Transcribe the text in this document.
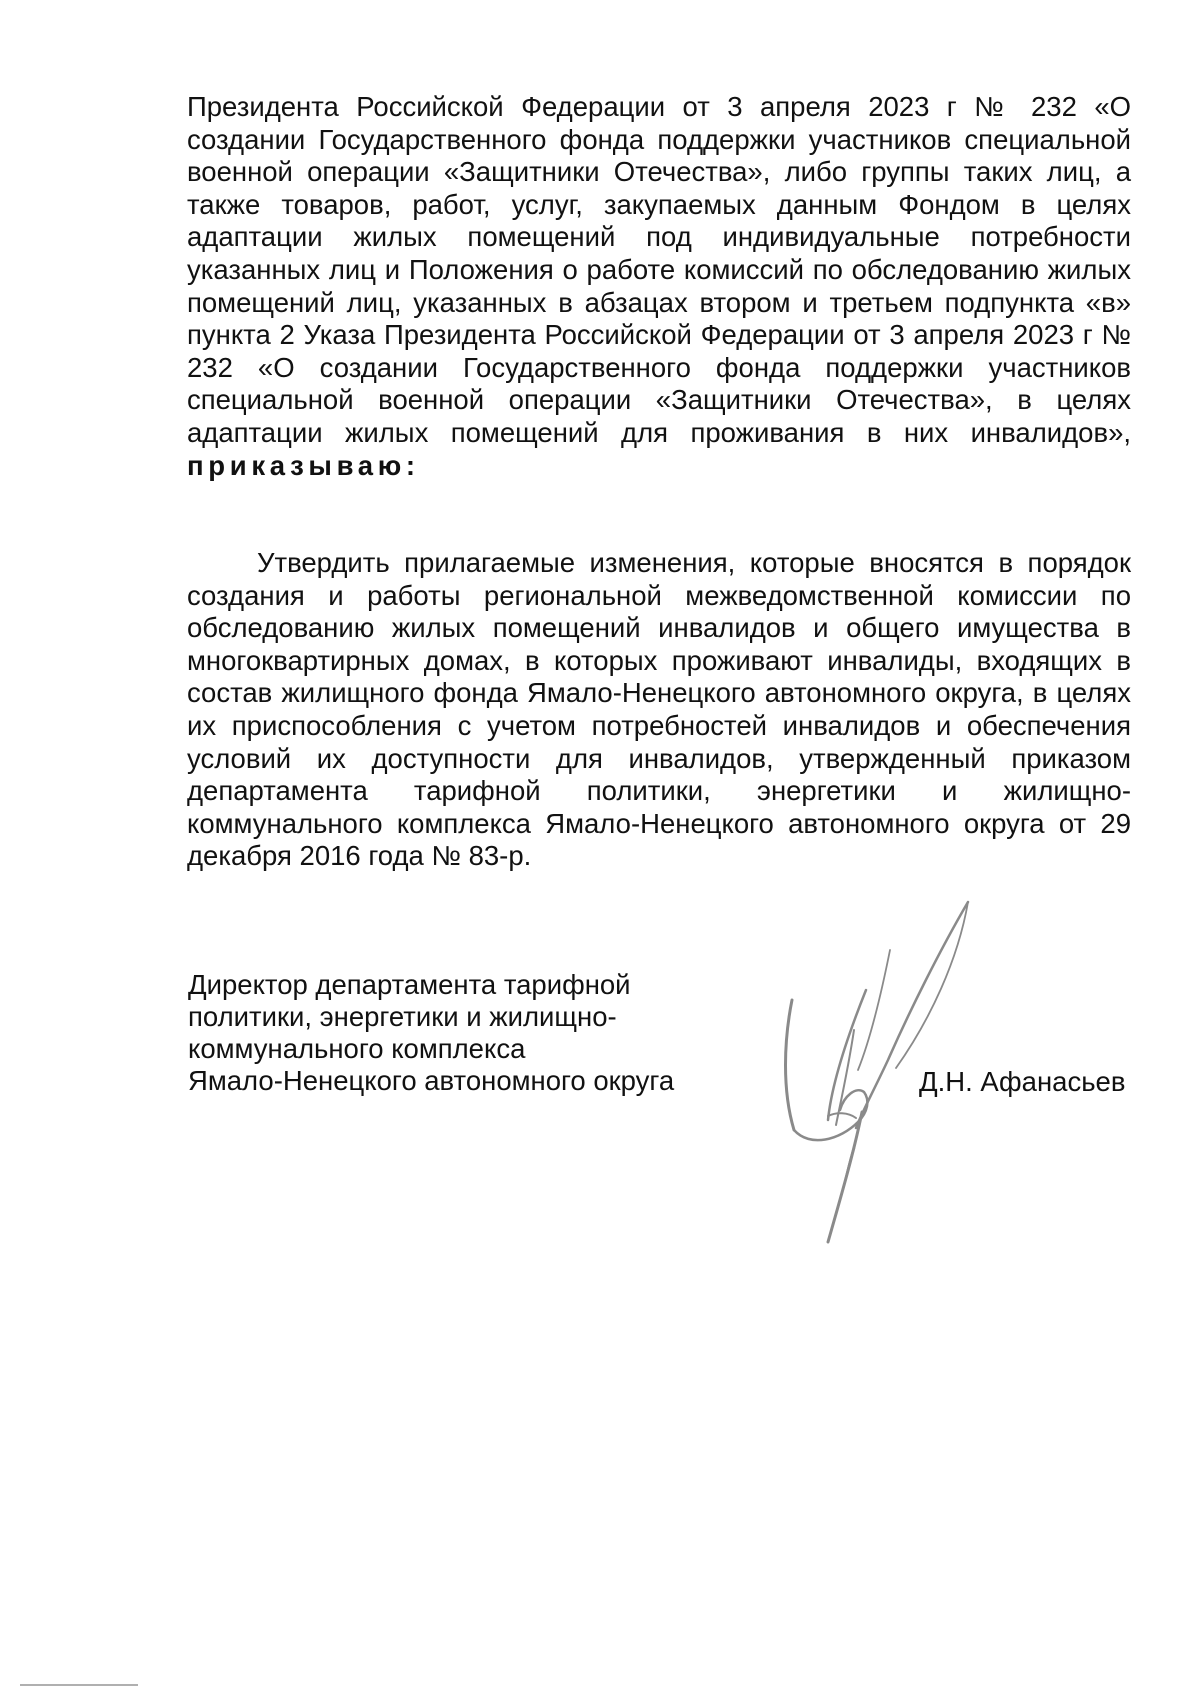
Президента Российской Федерации от 3 апреля 2023 г № 232 «О создании Государственного фонда поддержки участников специальной военной операции «Защитники Отечества», либо группы таких лиц, а также товаров, работ, услуг, закупаемых данным Фондом в целях адаптации жилых помещений под индивидуальные потребности указанных лиц и Положения о работе комиссий по обследованию жилых помещений лиц, указанных в абзацах втором и третьем подпункта «в» пункта 2 Указа Президента Российской Федерации от 3 апреля 2023 г № 232 «О создании Государственного фонда поддержки участников специальной военной операции «Защитники Отечества», в целях адаптации жилых помещений для проживания в них инвалидов», приказываю:

Утвердить прилагаемые изменения, которые вносятся в порядок создания и работы региональной межведомственной комиссии по обследованию жилых помещений инвалидов и общего имущества в многоквартирных домах, в которых проживают инвалиды, входящих в состав жилищного фонда Ямало-Ненецкого автономного округа, в целях их приспособления с учетом потребностей инвалидов и обеспечения условий их доступности для инвалидов, утвержденный приказом департамента тарифной политики, энергетики и жилищно-коммунального комплекса Ямало-Ненецкого автономного округа от 29 декабря 2016 года № 83-р.

Директор департамента тарифной
политики, энергетики и жилищно-
коммунального комплекса
Ямало-Ненецкого автономного округа	Д.Н. Афанасьев
